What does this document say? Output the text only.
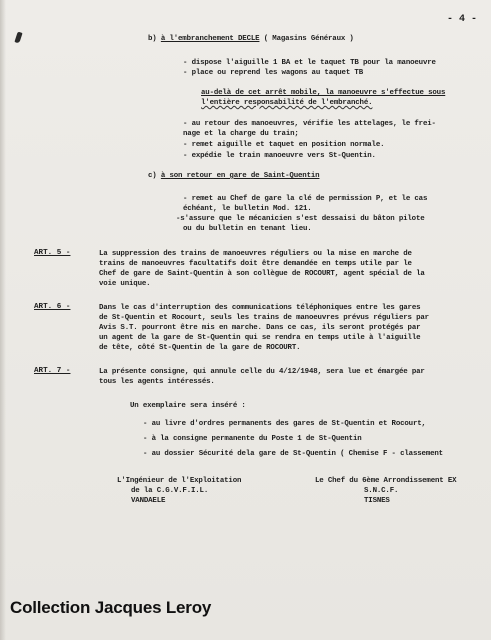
- 4 -
b) à l'embranchement DECLE ( Magasins Généraux )
- dispose l'aiguille 1 BA et le taquet TB pour la manoeuvre
- place ou reprend les wagons au taquet TB
au-delà de cet arrêt mobile, la manoeuvre s'effectue sous
l'entière responsabilité de l'embranché.
- au retour des manoeuvres, vérifie les attelages, le frei-
nage et la charge du train;
- remet aiguille et taquet en position normale.
- expédie le train manoeuvre vers St-Quentin.
c) à son retour en gare de Saint-Quentin
- remet au Chef de gare la clé de permission P, et le cas
échéant, le bulletin Mod. 121.
-s'assure que le mécanicien s'est dessaisi du bâton pilote
ou du bulletin en tenant lieu.
ART. 5 -	La suppression des trains de manoeuvres réguliers ou la mise en marche de
trains de manoeuvres facultatifs doit être demandée en temps utile par le
Chef de gare de Saint-Quentin à son collègue de ROCOURT, agent spécial de la
voie unique.
ART. 6 -	Dans le cas d'interruption des communications téléphoniques entre les gares
de St-Quentin et Rocourt, seuls les trains de manoeuvres prévus réguliers par
Avis S.T. pourront être mis en marche. Dans ce cas, ils seront protégés par
un agent de la gare de St-Quentin qui se rendra en temps utile à l'aiguille
de tête, côté St-Quentin de la gare de ROCOURT.
ART. 7 -	La présente consigne, qui annule celle du 4/12/1948, sera lue et émargée par
tous les agents intéressés.
Un exemplaire sera inséré :
- au livre d'ordres permanents des gares de St-Quentin et Rocourt,
- à la consigne permanente du Poste 1 de St-Quentin
- au dossier Sécurité dela gare de St-Quentin ( Chemise F - classement
L'Ingénieur de l'Exploitation
de la C.G.V.F.I.L.
VANDAELE
Le Chef du 6ème Arrondissement EX
S.N.C.F.
TISNES
Collection Jacques Leroy
